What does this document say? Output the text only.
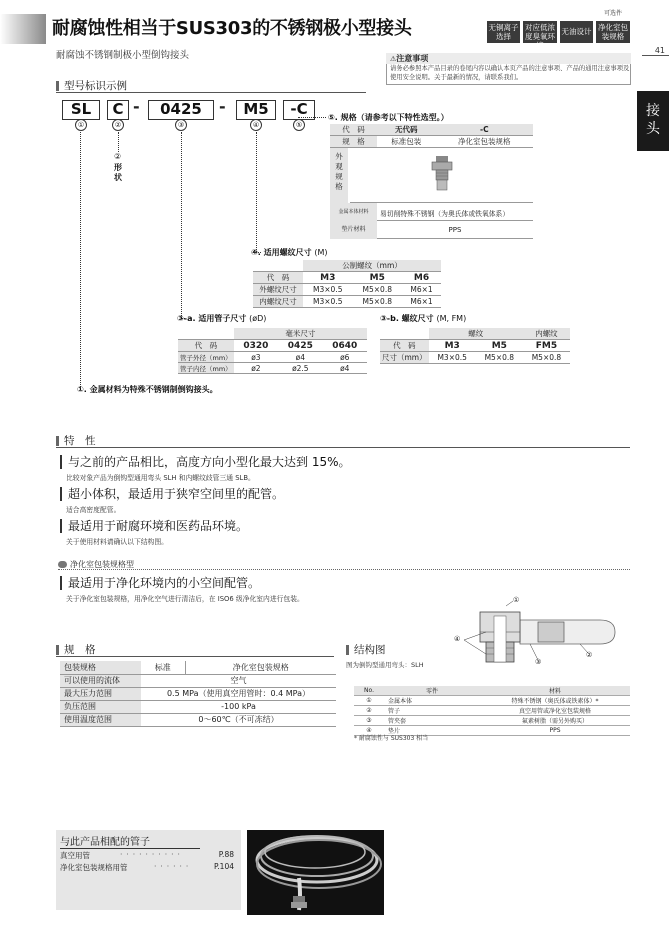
耐腐蚀性相当于SUS303的不锈钢极小型接头
耐腐蚀不锈钢制极小型倒钩接头
可选件
无铜离子选择
对应低浓度臭氧环境
无油设计 净化室包装规格
41
接头
⚠注意事项
请务必参照本产品目录的卷尾内容以确认本页产品的注意事项、产品的通用注意事项及使用安全说明。关于最新的情况，请联系我们。
型号标识示例
SL	C -	0425	-	M5	-C
①	②	③	④	⑤
②
形状
⑤. 规格（请参考以下特性选型。）
代　码	无代码	-C
规　格	标准包装	净化室包装规格
外观规格
金属本体材料	易切削特殊不锈钢（为奥氏体或铁氧体系）
垫片材料	PPS
④. 适用螺纹尺寸 (M)
	公制螺纹（mm）		
代　码	M3	M5	M6
外螺纹尺寸	M3×0.5	M5×0.8	M6×1
内螺纹尺寸	M3×0.5	M5×0.8	M6×1
③-a. 适用管子尺寸 (øD)
	毫米尺寸		
代　码	0320	0425	0640
管子外径（mm）	ø3	ø4	ø6
管子内径（mm）	ø2	ø2.5	ø4
③-b. 螺纹尺寸 (M, FM)
	螺纹		内螺纹
代　码	M3	M5	FM5
尺寸（mm）	M3×0.5	M5×0.8	M5×0.8
①. 金属材料为特殊不锈钢制倒钩接头。
特　性
与之前的产品相比，高度方向小型化最大达到 15%。
比较对象产品为倒钩型通用弯头 SLH 和内螺纹歧管三通 SLB。
超小体积，最适用于狭窄空间里的配管。
适合高密度配管。
最适用于耐腐环境和医药品环境。
关于使用材料请确认以下结构图。
净化室包装规格型
最适用于净化环境内的小空间配管。
关于净化室包装规格，用净化空气进行清洁后，在 ISO6 级净化室内进行包装。	①
②
③
④
规　格
包装规格	标准	净化室包装规格
可以使用的流体	空气	
最大压力范围	0.5 MPa（使用真空用管时：0.4 MPa）	
负压范围	-100 kPa	
使用温度范围	0～60℃（不可冻结）	
结构图
图为倒钩型通用弯头：SLH
No.	零件	材料
①	金属本体	特殊不锈钢（奥氏体或铁素体）*
②	管子	真空用管或净化室包装规格
③	管夹套	氟素树脂（需另外购买）
④	垫片	PPS
* 耐腐蚀性与 SUS303 相当
与此产品相配的管子
真空用管	··········	P.88
净化室包装规格用管	······	P.104
